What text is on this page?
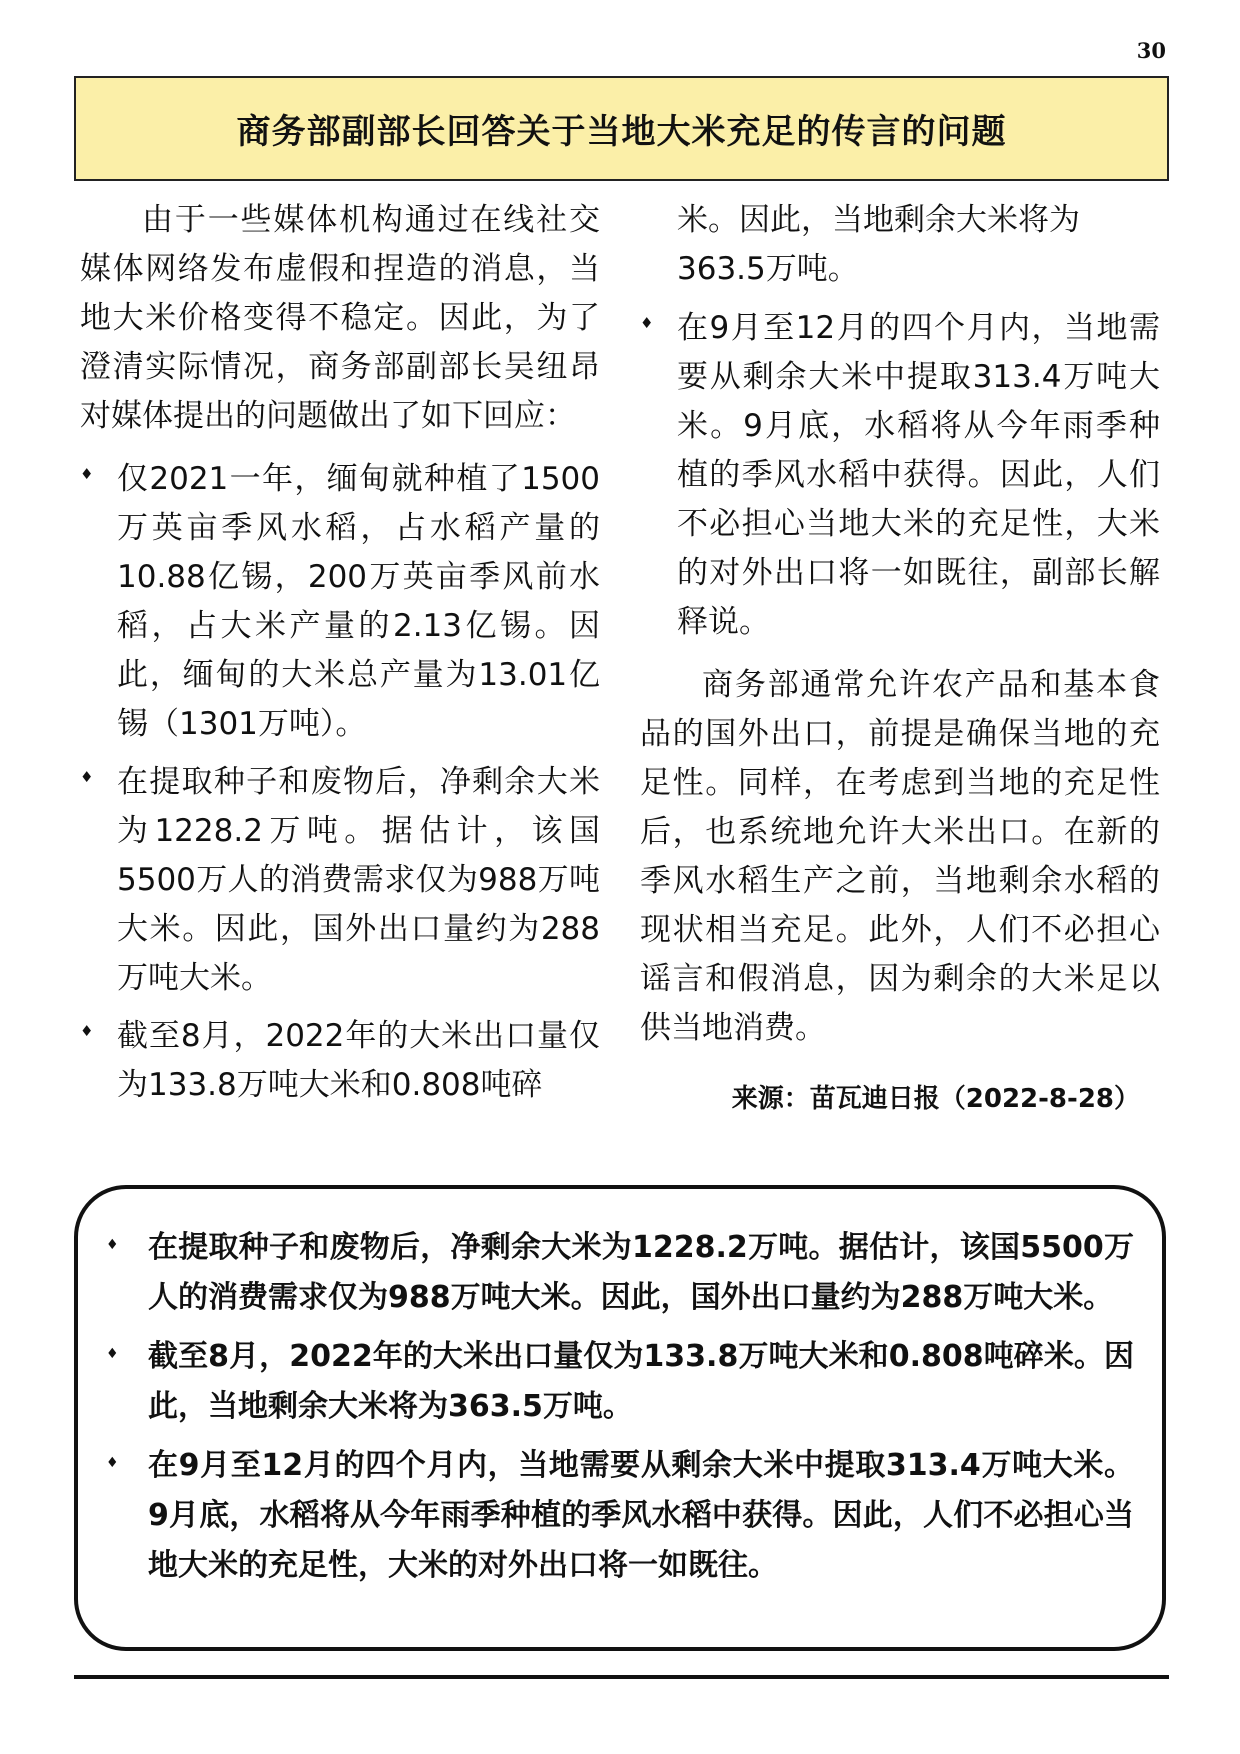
30
商务部副部长回答关于当地大米充足的传言的问题

由于一些媒体机构通过在线社交媒体网络发布虚假和捏造的消息，当地大米价格变得不稳定。因此，为了澄清实际情况，商务部副部长吴纽昂对媒体提出的问题做出了如下回应：

♦ 仅2021一年，缅甸就种植了1500万英亩季风水稻，占水稻产量的10.88亿锡，200万英亩季风前水稻，占大米产量的2.13亿锡。因此，缅甸的大米总产量为13.01亿锡（1301万吨）。

♦ 在提取种子和废物后，净剩余大米为1228.2万吨。据估计，该国5500万人的消费需求仅为988万吨大米。因此，国外出口量约为288万吨大米。

♦ 截至8月，2022年的大米出口量仅为133.8万吨大米和0.808吨碎

米。因此，当地剩余大米将为363.5万吨。

♦ 在9月至12月的四个月内，当地需要从剩余大米中提取313.4万吨大米。9月底，水稻将从今年雨季种植的季风水稻中获得。因此，人们不必担心当地大米的充足性，大米的对外出口将一如既往，副部长解释说。

商务部通常允许农产品和基本食品的国外出口，前提是确保当地的充足性。同样，在考虑到当地的充足性后，也系统地允许大米出口。在新的季风水稻生产之前，当地剩余水稻的现状相当充足。此外，人们不必担心谣言和假消息，因为剩余的大米足以供当地消费。

来源：苗瓦迪日报（2022-8-28）

♦ 在提取种子和废物后，净剩余大米为1228.2万吨。据估计，该国5500万人的消费需求仅为988万吨大米。因此，国外出口量约为288万吨大米。

♦ 截至8月，2022年的大米出口量仅为133.8万吨大米和0.808吨碎米。因此，当地剩余大米将为363.5万吨。

♦ 在9月至12月的四个月内，当地需要从剩余大米中提取313.4万吨大米。9月底，水稻将从今年雨季种植的季风水稻中获得。因此，人们不必担心当地大米的充足性，大米的对外出口将一如既往。
